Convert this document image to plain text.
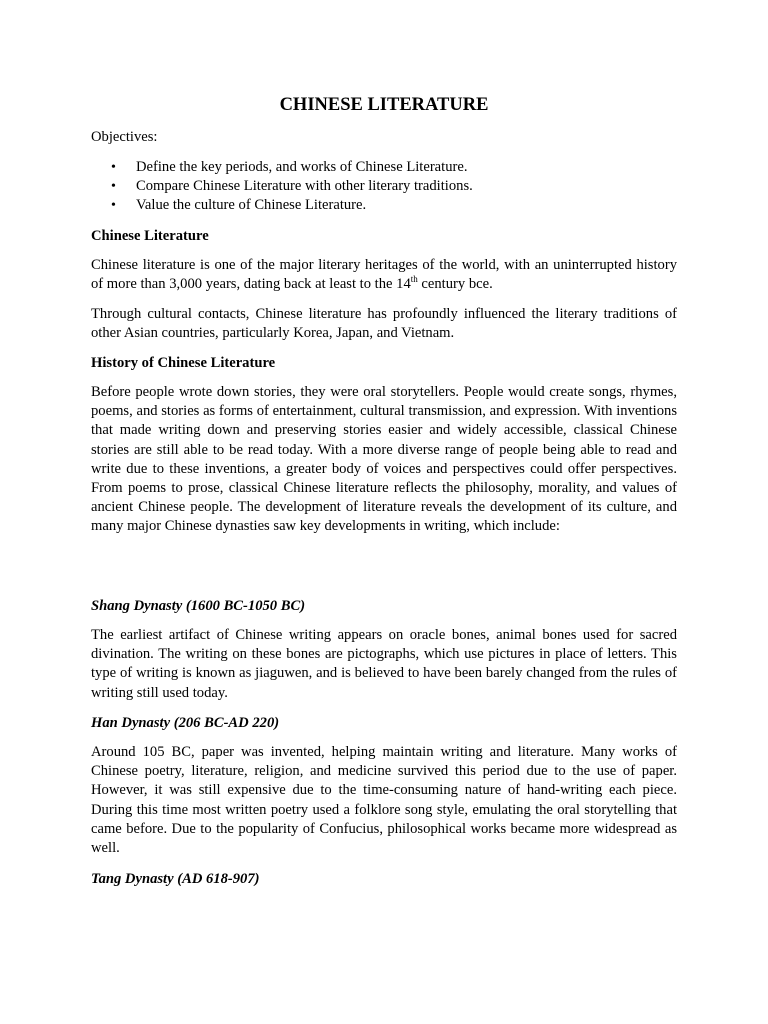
CHINESE LITERATURE

Objectives:

• Define the key periods, and works of Chinese Literature.
• Compare Chinese Literature with other literary traditions.
• Value the culture of Chinese Literature.

Chinese Literature

Chinese literature is one of the major literary heritages of the world, with an uninterrupted history of more than 3,000 years, dating back at least to the 14th century bce.

Through cultural contacts, Chinese literature has profoundly influenced the literary traditions of other Asian countries, particularly Korea, Japan, and Vietnam.

History of Chinese Literature

Before people wrote down stories, they were oral storytellers. People would create songs, rhymes, poems, and stories as forms of entertainment, cultural transmission, and expression. With inventions that made writing down and preserving stories easier and widely accessible, classical Chinese stories are still able to be read today. With a more diverse range of people being able to read and write due to these inventions, a greater body of voices and perspectives could offer perspectives. From poems to prose, classical Chinese literature reflects the philosophy, morality, and values of ancient Chinese people. The development of literature reveals the development of its culture, and many major Chinese dynasties saw key developments in writing, which include:

Shang Dynasty (1600 BC-1050 BC)

The earliest artifact of Chinese writing appears on oracle bones, animal bones used for sacred divination. The writing on these bones are pictographs, which use pictures in place of letters. This type of writing is known as jiaguwen, and is believed to have been barely changed from the rules of writing still used today.

Han Dynasty (206 BC-AD 220)

Around 105 BC, paper was invented, helping maintain writing and literature. Many works of Chinese poetry, literature, religion, and medicine survived this period due to the use of paper. However, it was still expensive due to the time-consuming nature of hand-writing each piece. During this time most written poetry used a folklore song style, emulating the oral storytelling that came before. Due to the popularity of Confucius, philosophical works became more widespread as well.

Tang Dynasty (AD 618-907)
